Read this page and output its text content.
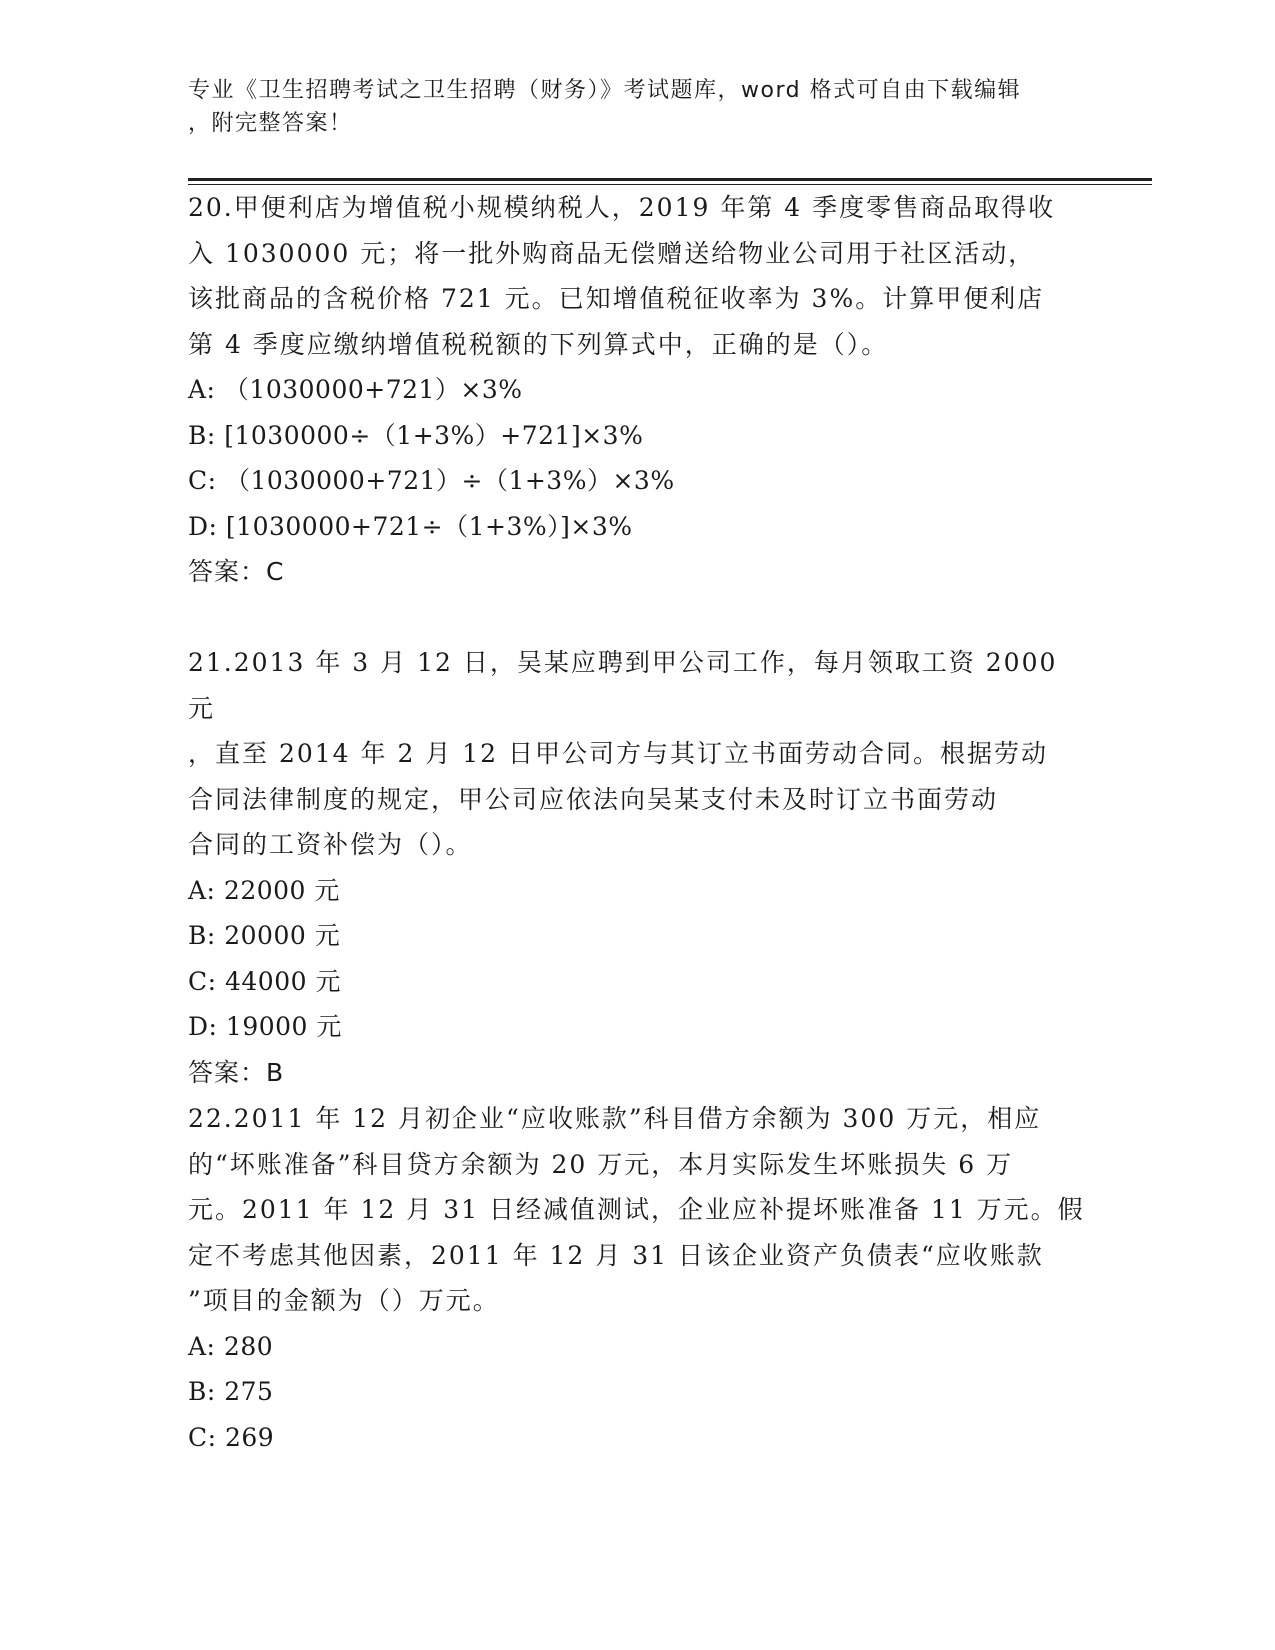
专业《卫生招聘考试之卫生招聘（财务）》考试题库，word 格式可自由下载编辑
，附完整答案！
20.甲便利店为增值税小规模纳税人，2019 年第 4 季度零售商品取得收
入 1030000 元；将一批外购商品无偿赠送给物业公司用于社区活动，
该批商品的含税价格 721 元。已知增值税征收率为 3%。计算甲便利店
第 4 季度应缴纳增值税税额的下列算式中，正确的是（）。
A: （1030000+721）×3%
B: [1030000÷（1+3%）+721]×3%
C: （1030000+721）÷（1+3%）×3%
D: [1030000+721÷（1+3%）]×3%
答案：C
21.2013 年 3 月 12 日，吴某应聘到甲公司工作，每月领取工资 2000 元
，直至 2014 年 2 月 12 日甲公司方与其订立书面劳动合同。根据劳动
合同法律制度的规定，甲公司应依法向吴某支付未及时订立书面劳动
合同的工资补偿为（）。
A: 22000 元
B: 20000 元
C: 44000 元
D: 19000 元
答案：B
22.2011 年 12 月初企业“应收账款”科目借方余额为 300 万元，相应
的“坏账准备”科目贷方余额为 20 万元，本月实际发生坏账损失 6 万
元。2011 年 12 月 31 日经减值测试，企业应补提坏账准备 11 万元。假
定不考虑其他因素，2011 年 12 月 31 日该企业资产负债表“应收账款
”项目的金额为（）万元。
A: 280
B: 275
C: 269
